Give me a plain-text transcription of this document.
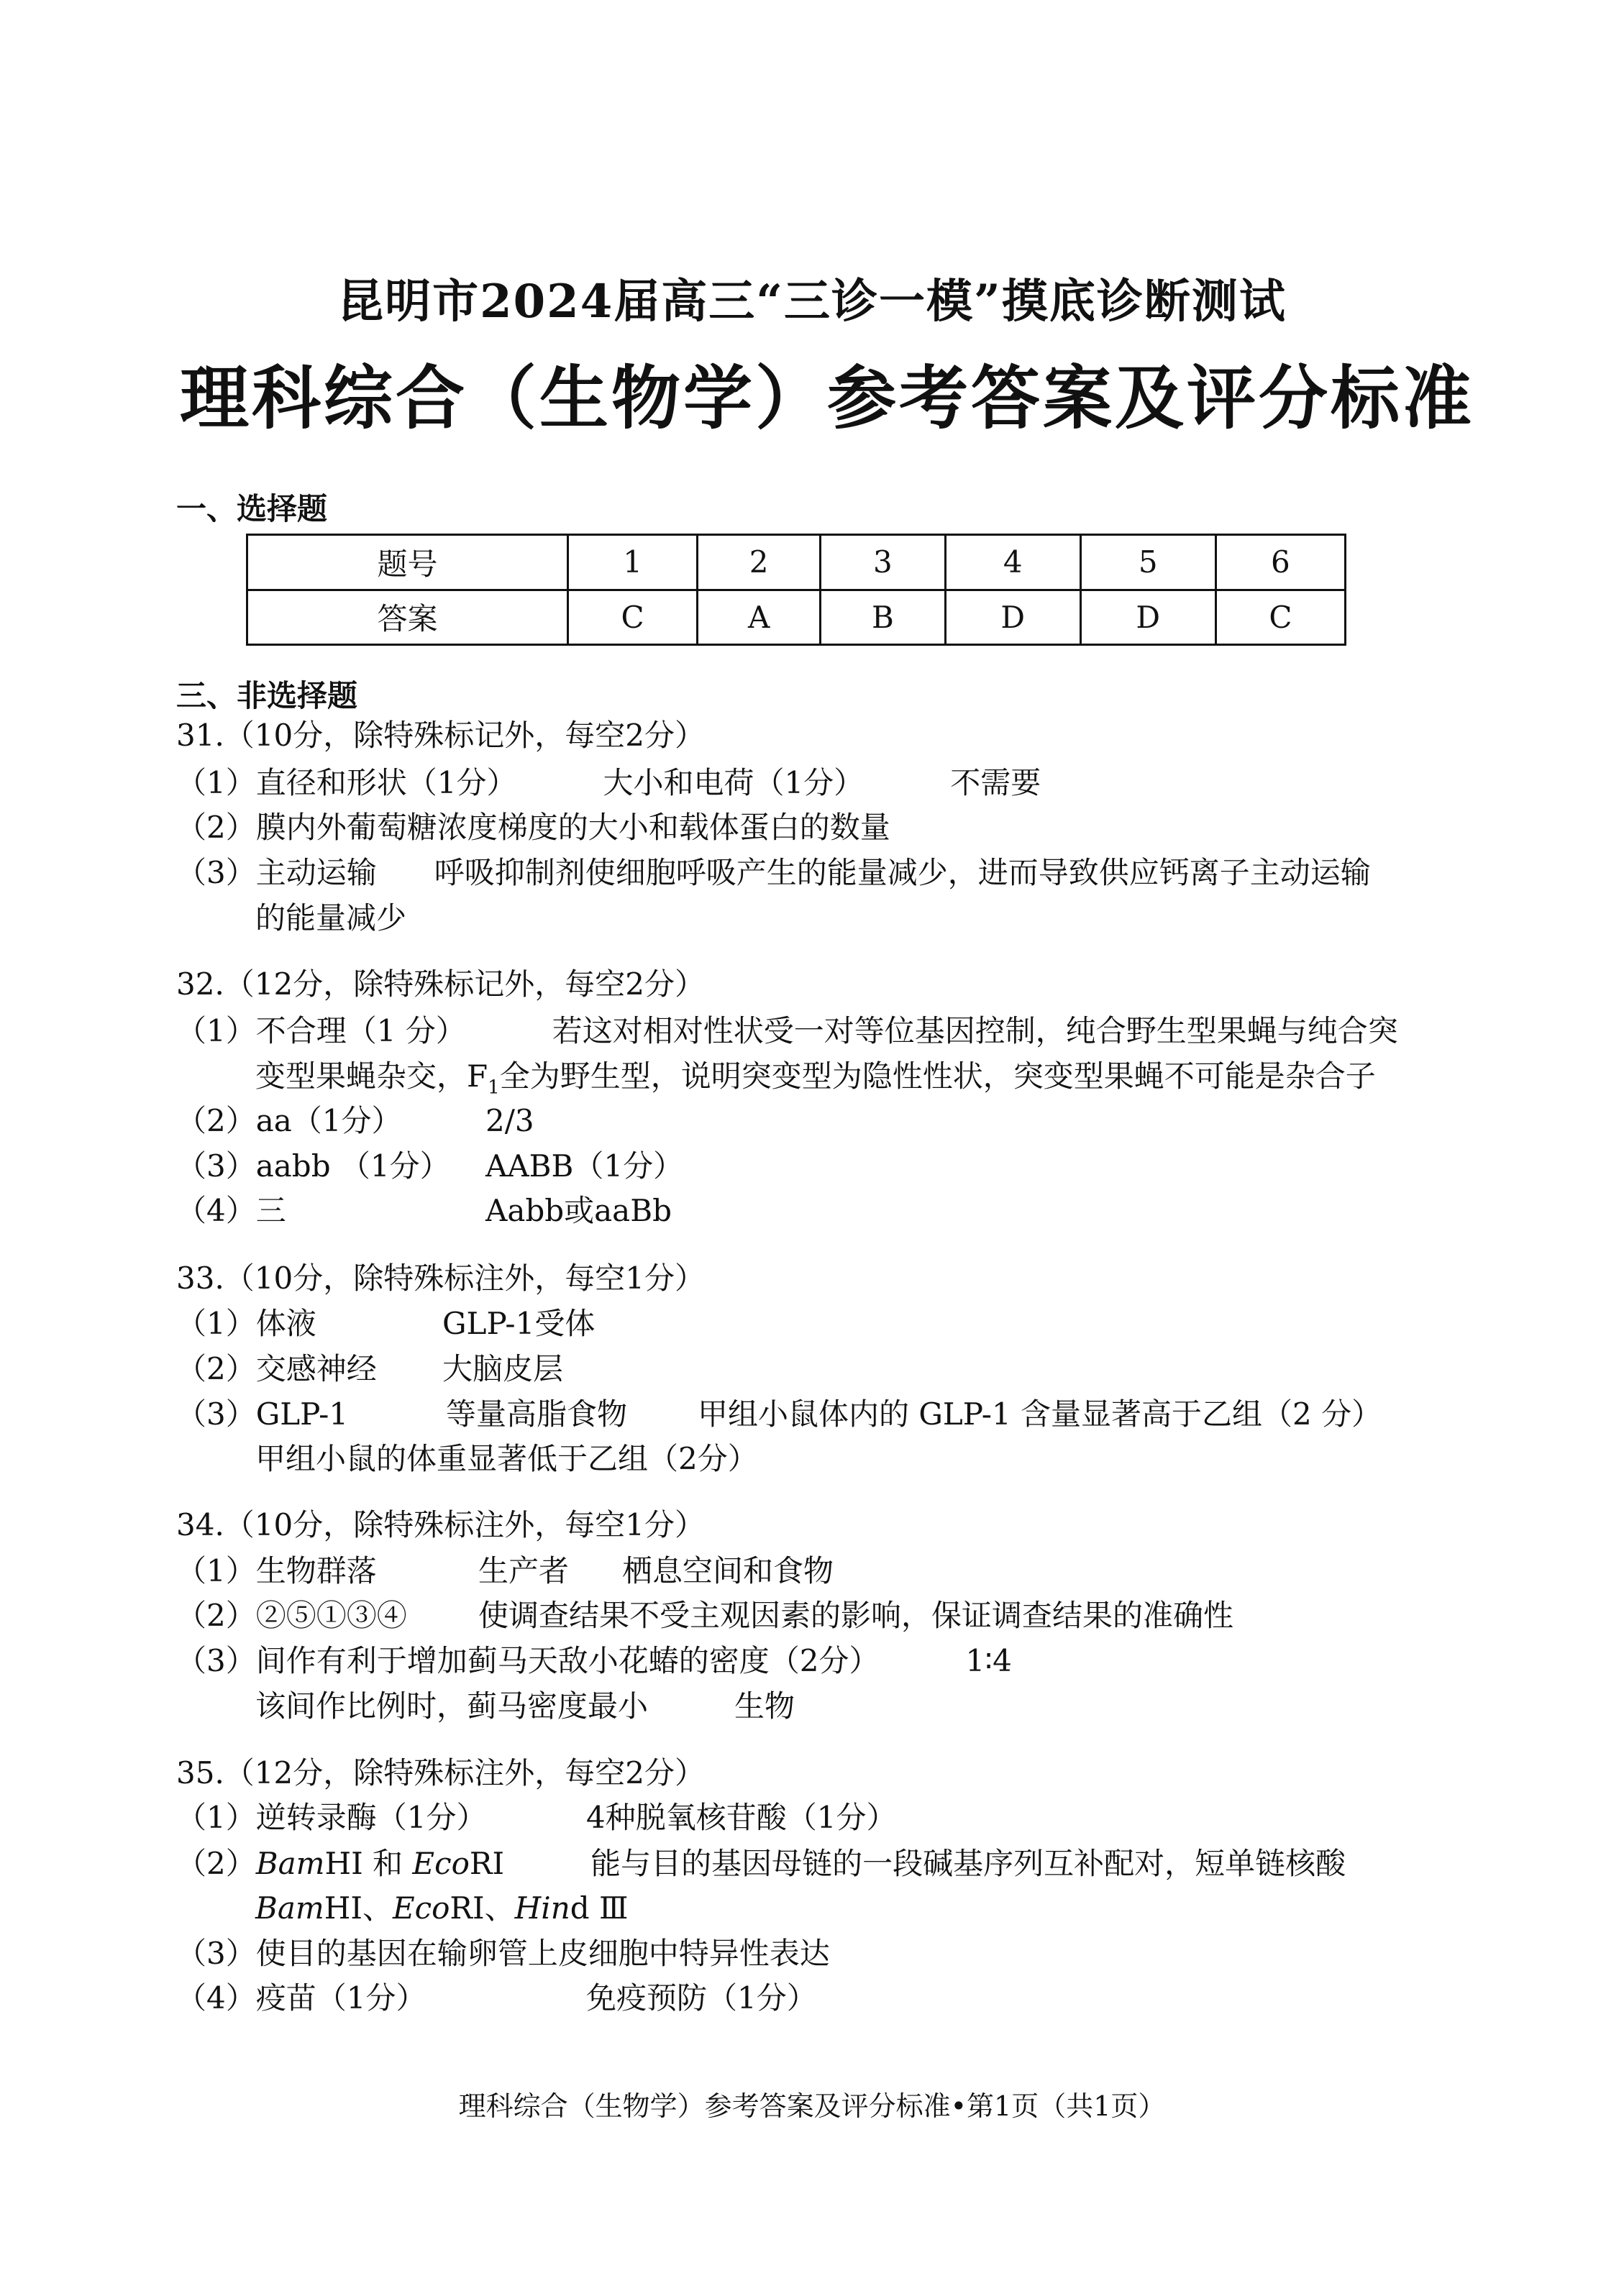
昆明市2024届高三“三诊一模”摸底诊断测试
理科综合（生物学）参考答案及评分标准
一、选择题
题号	1	2	3	4	5	6
答案	C	A	B	D	D	C
三、非选择题
31.（10分，除特殊标记外，每空2分）
（1）直径和形状（1分）	大小和电荷（1分）	不需要
（2）膜内外葡萄糖浓度梯度的大小和载体蛋白的数量
（3）主动运输 呼吸抑制剂使细胞呼吸产生的能量减少，进而导致供应钙离子主动运输
的能量减少
32.（12分，除特殊标记外，每空2分）
（1）不合理（1 分）	若这对相对性状受一对等位基因控制，纯合野生型果蝇与纯合突
变型果蝇杂交，$F_1$全为野生型，说明突变型为隐性性状，突变型果蝇不可能是杂合子
（2）aa（1分）	2/3
（3）aabb （1分） AABB（1分）
（4）三	Aabb或aaBb
33.（10分，除特殊标注外，每空1分）
（1）体液	GLP-1受体
（2）交感神经 大脑皮层
（3）GLP-1	等量高脂食物 甲组小鼠体内的 GLP-1 含量显著高于乙组（2 分）
甲组小鼠的体重显著低于乙组（2分）
34.（10分，除特殊标注外，每空1分）
（1）生物群落	生产者 栖息空间和食物
（2）②⑤①③④ 使调查结果不受主观因素的影响，保证调查结果的准确性
（3）间作有利于增加蓟马天敌小花蝽的密度（2分）	1∶4
该间作比例时，蓟马密度最小	生物
35.（12分，除特殊标注外，每空2分）
（1）逆转录酶（1分）	4种脱氧核苷酸（1分）
（2）BamHⅠ 和 EcoRⅠ	能与目的基因母链的一段碱基序列互补配对，短单链核酸
BamHⅠ、EcoRⅠ、Hind Ⅲ
（3）使目的基因在输卵管上皮细胞中特异性表达
（4）疫苗（1分）	免疫预防（1分）
理科综合（生物学）参考答案及评分标准•第1页（共1页）
